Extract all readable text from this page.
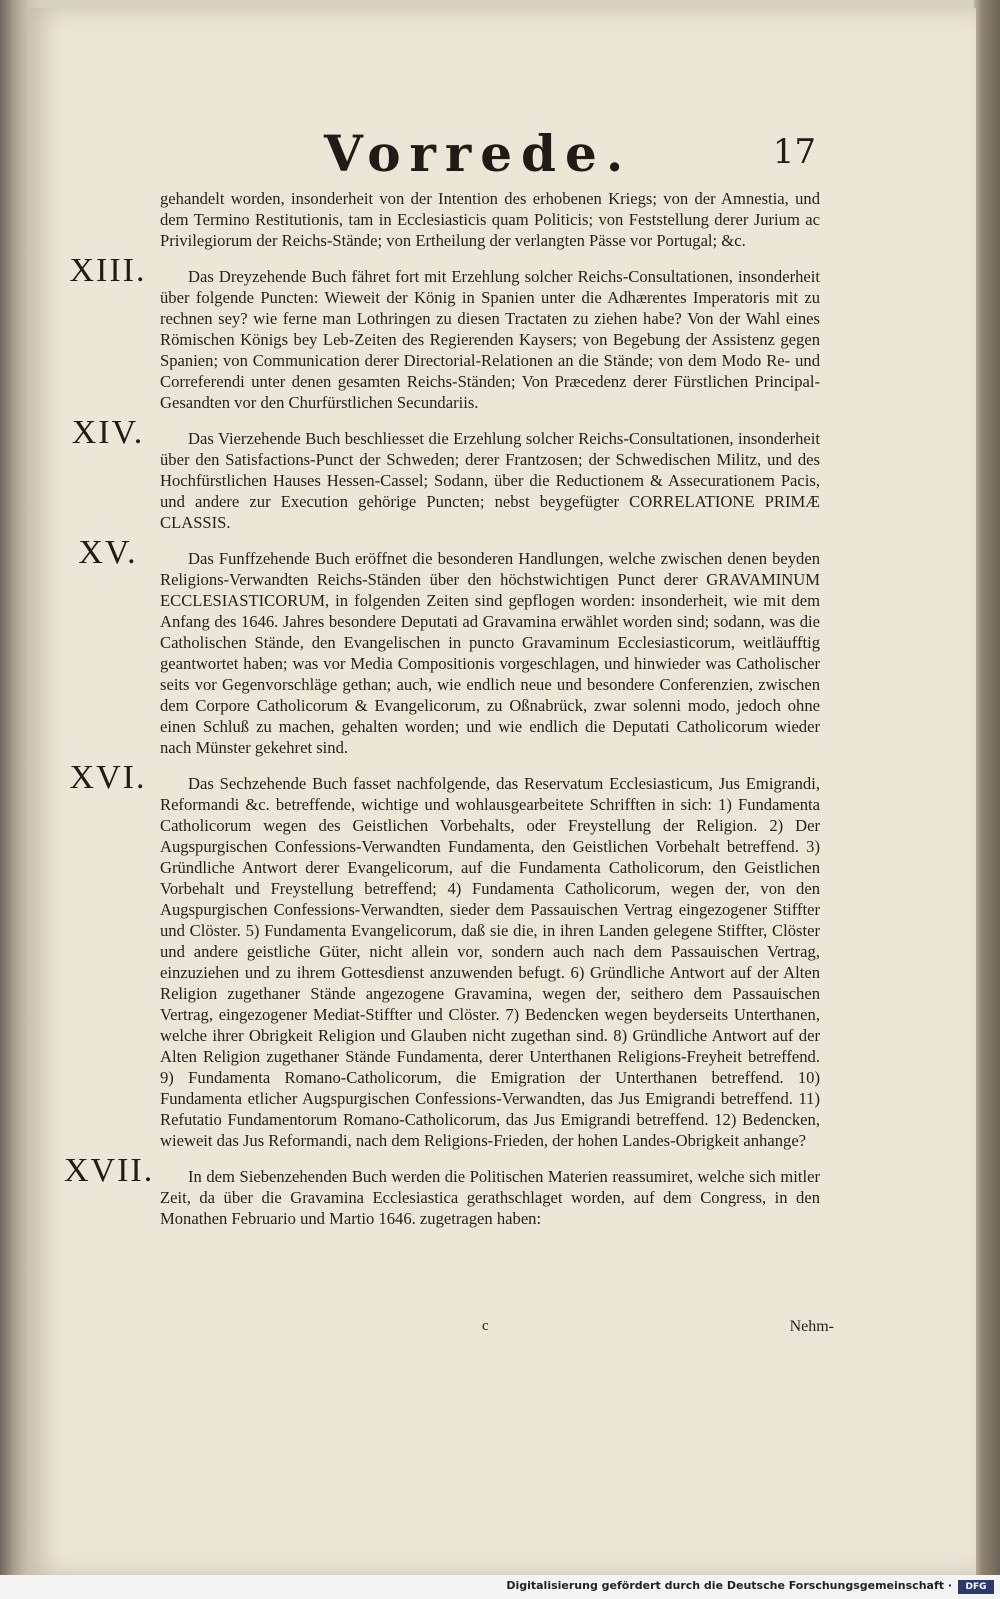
Vorrede.	17

gehandelt worden, insonderheit von der Intention des erhobenen Kriegs; von der Amnestia, und dem Termino Restitutionis, tam in Ecclesiasticis quam Politicis; von Feststellung derer Jurium ac Privilegiorum der Reichs-Stände; von Ertheilung der verlangten Pässe vor Portugal; &c.

XIII.	Das Dreyzehende Buch fähret fort mit Erzehlung solcher Reichs-Consultationen, insonderheit über folgende Puncten: Wieweit der König in Spanien unter die Adhærentes Imperatoris mit zu rechnen sey? wie ferne man Lothringen zu diesen Tractaten zu ziehen habe? Von der Wahl eines Römischen Königs bey Leb-Zeiten des Regierenden Kaysers; von Begebung der Assistenz gegen Spanien; von Communication derer Directorial-Relationen an die Stände; von dem Modo Re- und Correferendi unter denen gesamten Reichs-Ständen; Von Præcedenz derer Fürstlichen Principal-Gesandten vor den Churfürstlichen Secundariis.

XIV.	Das Vierzehende Buch beschliesset die Erzehlung solcher Reichs-Consultationen, insonderheit über den Satisfactions-Punct der Schweden; derer Frantzosen; der Schwedischen Militz, und des Hochfürstlichen Hauses Hessen-Cassel; Sodann, über die Reductionem & Assecurationem Pacis, und andere zur Execution gehörige Puncten; nebst beygefügter CORRELATIONE PRIMÆ CLASSIS.

XV.	Das Funffzehende Buch eröffnet die besonderen Handlungen, welche zwischen denen beyden Religions-Verwandten Reichs-Ständen über den höchstwichtigen Punct derer GRAVAMINUM ECCLESIASTICORUM, in folgenden Zeiten sind gepflogen worden: insonderheit, wie mit dem Anfang des 1646. Jahres besondere Deputati ad Gravamina erwählet worden sind; sodann, was die Catholischen Stände, den Evangelischen in puncto Gravaminum Ecclesiasticorum, weitläufftig geantwortet haben; was vor Media Compositionis vorgeschlagen, und hinwieder was Catholischer seits vor Gegenvorschläge gethan; auch, wie endlich neue und besondere Conferenzien, zwischen dem Corpore Catholicorum & Evangelicorum, zu Oßnabrück, zwar solenni modo, jedoch ohne einen Schluß zu machen, gehalten worden; und wie endlich die Deputati Catholicorum wieder nach Münster gekehret sind.

XVI.	Das Sechzehende Buch fasset nachfolgende, das Reservatum Ecclesiasticum, Jus Emigrandi, Reformandi &c. betreffende, wichtige und wohlausgearbeitete Schrifften in sich: 1) Fundamenta Catholicorum wegen des Geistlichen Vorbehalts, oder Freystellung der Religion. 2) Der Augspurgischen Confessions-Verwandten Fundamenta, den Geistlichen Vorbehalt betreffend. 3) Gründliche Antwort derer Evangelicorum, auf die Fundamenta Catholicorum, den Geistlichen Vorbehalt und Freystellung betreffend; 4) Fundamenta Catholicorum, wegen der, von den Augspurgischen Confessions-Verwandten, sieder dem Passauischen Vertrag eingezogener Stiffter und Clöster. 5) Fundamenta Evangelicorum, daß sie die, in ihren Landen gelegene Stiffter, Clöster und andere geistliche Güter, nicht allein vor, sondern auch nach dem Passauischen Vertrag, einzuziehen und zu ihrem Gottesdienst anzuwenden befugt. 6) Gründliche Antwort auf der Alten Religion zugethaner Stände angezogene Gravamina, wegen der, seithero dem Passauischen Vertrag, eingezogener Mediat-Stiffter und Clöster. 7) Bedencken wegen beyderseits Unterthanen, welche ihrer Obrigkeit Religion und Glauben nicht zugethan sind. 8) Gründliche Antwort auf der Alten Religion zugethaner Stände Fundamenta, derer Unterthanen Religions-Freyheit betreffend. 9) Fundamenta Romano-Catholicorum, die Emigration der Unterthanen betreffend. 10) Fundamenta etlicher Augspurgischen Confessions-Verwandten, das Jus Emigrandi betreffend. 11) Refutatio Fundamentorum Romano-Catholicorum, das Jus Emigrandi betreffend. 12) Bedencken, wieweit das Jus Reformandi, nach dem Religions-Frieden, der hohen Landes-Obrigkeit anhange?

XVII.	In dem Siebenzehenden Buch werden die Politischen Materien reassumiret, welche sich mitler Zeit, da über die Gravamina Ecclesiastica gerathschlaget worden, auf dem Congress, in den Monathen Februario und Martio 1646. zugetragen haben:

c	Nehm-
Digitalisierung gefördert durch die Deutsche Forschungsgemeinschaft ·	DFG
